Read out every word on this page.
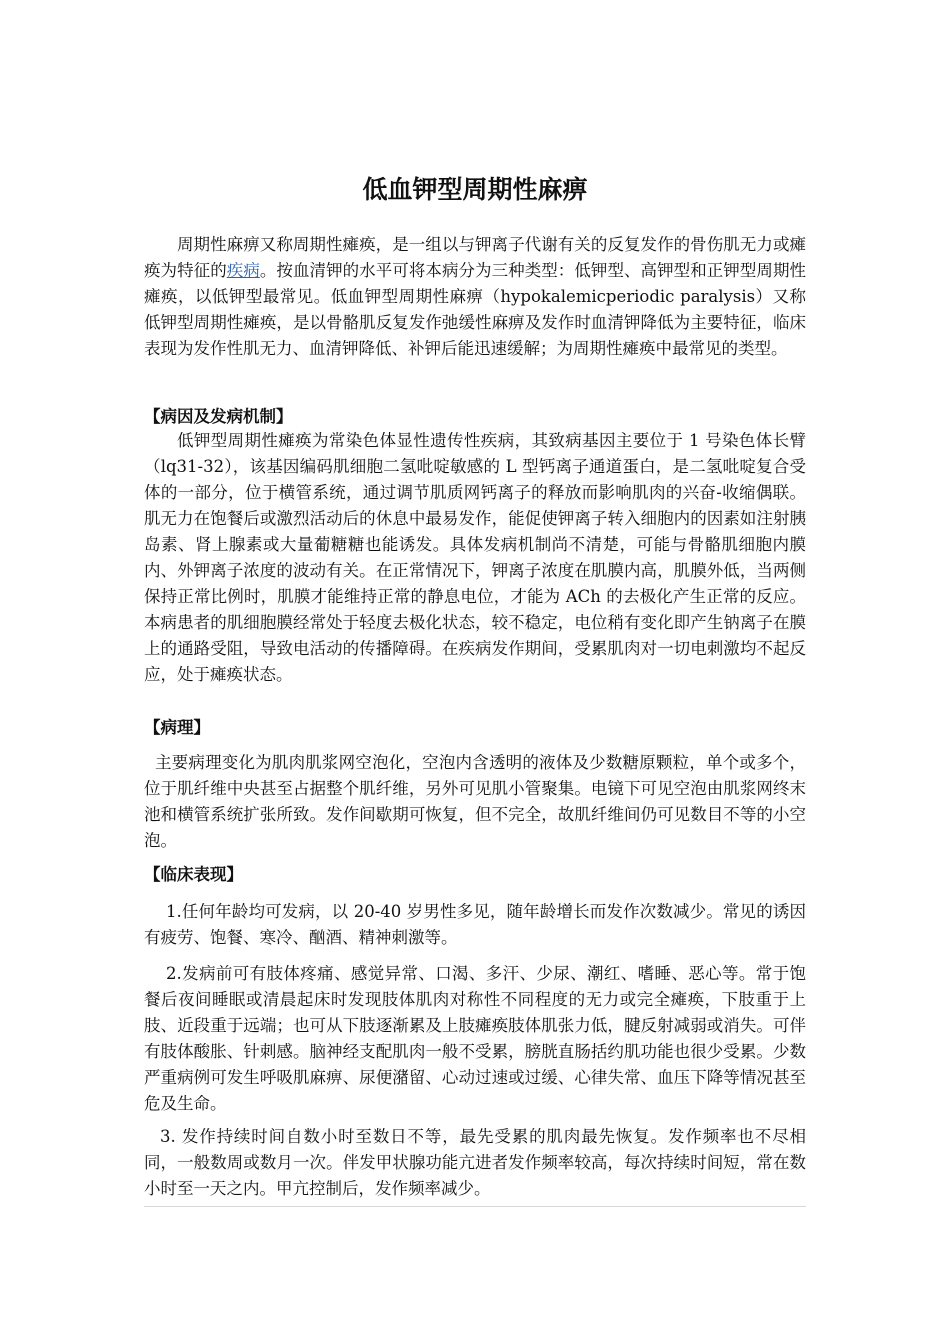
低血钾型周期性麻痹

周期性麻痹又称周期性瘫痪，是一组以与钾离子代谢有关的反复发作的骨伤肌无力或瘫痪为特征的疾病。按血清钾的水平可将本病分为三种类型：低钾型、高钾型和正钾型周期性瘫痪，以低钾型最常见。低血钾型周期性麻痹（hypokalemicperiodic paralysis）又称低钾型周期性瘫痪，是以骨骼肌反复发作弛缓性麻痹及发作时血清钾降低为主要特征，临床表现为发作性肌无力、血清钾降低、补钾后能迅速缓解；为周期性瘫痪中最常见的类型。

【病因及发病机制】

低钾型周期性瘫痪为常染色体显性遗传性疾病，其致病基因主要位于 1 号染色体长臂（lq31-32），该基因编码肌细胞二氢吡啶敏感的 L 型钙离子通道蛋白，是二氢吡啶复合受体的一部分，位于横管系统，通过调节肌质网钙离子的释放而影响肌肉的兴奋-收缩偶联。肌无力在饱餐后或激烈活动后的休息中最易发作，能促使钾离子转入细胞内的因素如注射胰岛素、肾上腺素或大量葡糖糖也能诱发。具体发病机制尚不清楚，可能与骨骼肌细胞内膜内、外钾离子浓度的波动有关。在正常情况下，钾离子浓度在肌膜内高，肌膜外低，当两侧保持正常比例时，肌膜才能维持正常的静息电位，才能为 ACh 的去极化产生正常的反应。本病患者的肌细胞膜经常处于轻度去极化状态，较不稳定，电位稍有变化即产生钠离子在膜上的通路受阻，导致电活动的传播障碍。在疾病发作期间，受累肌肉对一切电刺激均不起反应，处于瘫痪状态。

【病理】

主要病理变化为肌肉肌浆网空泡化，空泡内含透明的液体及少数糖原颗粒，单个或多个，位于肌纤维中央甚至占据整个肌纤维，另外可见肌小管聚集。电镜下可见空泡由肌浆网终末池和横管系统扩张所致。发作间歇期可恢复，但不完全，故肌纤维间仍可见数目不等的小空泡。

【临床表现】

1.任何年龄均可发病，以 20-40 岁男性多见，随年龄增长而发作次数减少。常见的诱因有疲劳、饱餐、寒冷、酗酒、精神刺激等。

2.发病前可有肢体疼痛、感觉异常、口渴、多汗、少尿、潮红、嗜睡、恶心等。常于饱餐后夜间睡眠或清晨起床时发现肢体肌肉对称性不同程度的无力或完全瘫痪，下肢重于上肢、近段重于远端；也可从下肢逐渐累及上肢瘫痪肢体肌张力低，腱反射减弱或消失。可伴有肢体酸胀、针刺感。脑神经支配肌肉一般不受累，膀胱直肠括约肌功能也很少受累。少数严重病例可发生呼吸肌麻痹、尿便潴留、心动过速或过缓、心律失常、血压下降等情况甚至危及生命。

3. 发作持续时间自数小时至数日不等，最先受累的肌肉最先恢复。发作频率也不尽相同，一般数周或数月一次。伴发甲状腺功能亢进者发作频率较高，每次持续时间短，常在数小时至一天之内。甲亢控制后，发作频率减少。
